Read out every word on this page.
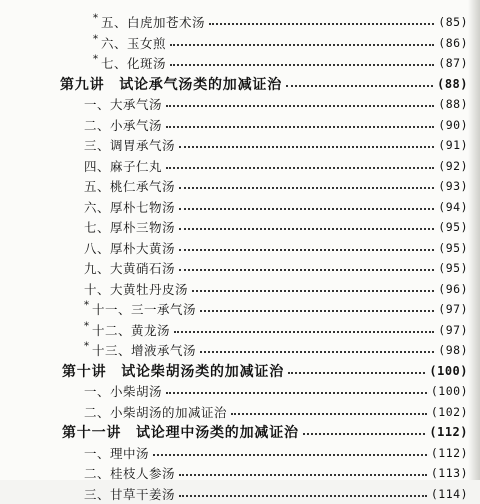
* 五、白虎加苍术汤	(85)
* 六、玉女煎	(86)
* 七、化斑汤	(87)
第九讲　试论承气汤类的加减证治	(88)
一、大承气汤	(88)
二、小承气汤	(90)
三、调胃承气汤	(91)
四、麻子仁丸	(92)
五、桃仁承气汤	(93)
六、厚朴七物汤	(94)
七、厚朴三物汤	(95)
八、厚朴大黄汤	(95)
九、大黄硝石汤	(95)
十、大黄牡丹皮汤	(96)
* 十一、三一承气汤	(97)
* 十二、黄龙汤	(97)
* 十三、增液承气汤	(98)
第十讲　试论柴胡汤类的加减证治	(100)
一、小柴胡汤	(100)
二、小柴胡汤的加减证治	(102)
第十一讲　试论理中汤类的加减证治	(112)
一、理中汤	(112)
二、桂枝人参汤	(113)
三、甘草干姜汤	(114)
